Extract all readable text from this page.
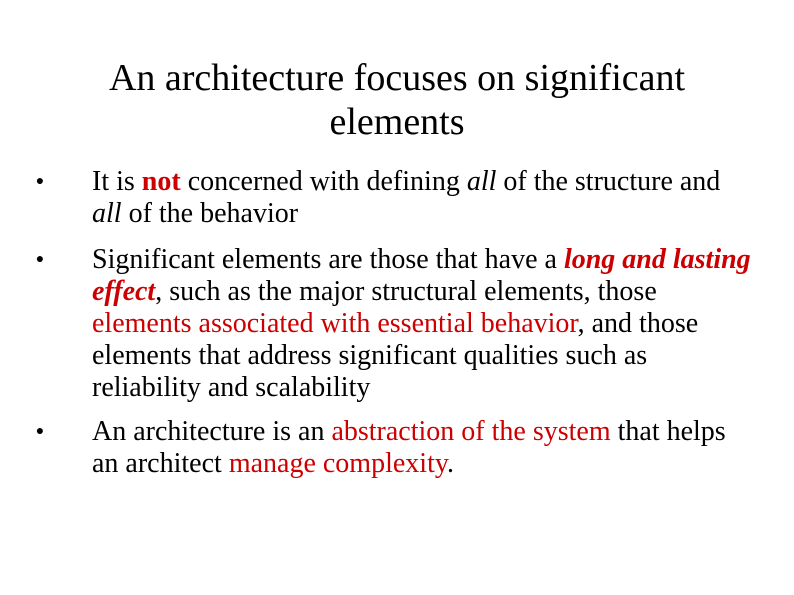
An architecture focuses on significant elements
● It is not concerned with defining all of the structure and all of the behavior
● Significant elements are those that have a long and lasting effect, such as the major structural elements, those elements associated with essential behavior, and those elements that address significant qualities such as reliability and scalability
● An architecture is an abstraction of the system that helps an architect manage complexity.
